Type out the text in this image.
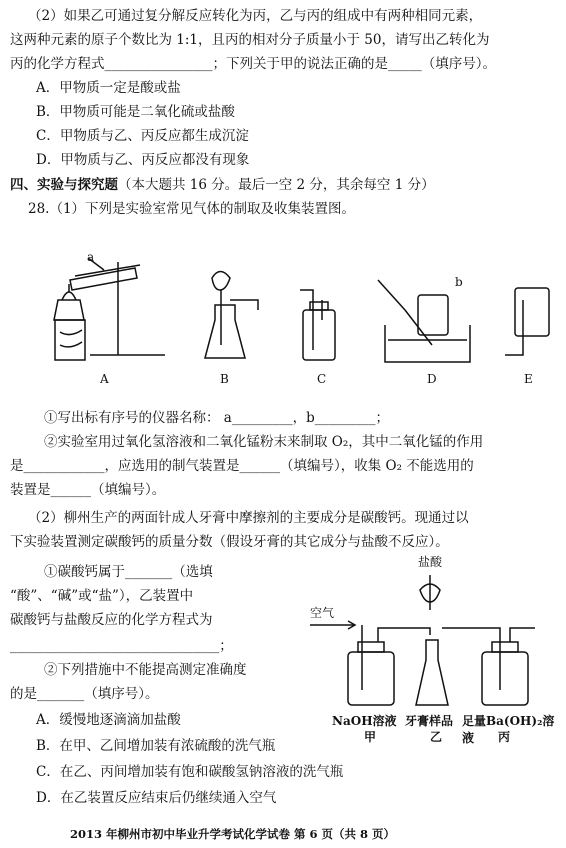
（2）如果乙可通过复分解反应转化为丙，乙与丙的组成中有两种相同元素，
这两种元素的原子个数比为 1:1，且丙的相对分子质量小于 50，请写出乙转化为
丙的化学方程式________________；下列关于甲的说法正确的是_____（填序号）。
A．甲物质一定是酸或盐
B．甲物质可能是二氧化硫或盐酸
C．甲物质与乙、丙反应都生成沉淀
D．甲物质与乙、丙反应都没有现象
四、实验与探究题（本大题共 16 分。最后一空 2 分，其余每空 1 分）
28.（1）下列是实验室常见气体的制取及收集装置图。
a
b
A	B	C	D	E
①写出标有序号的仪器名称： a_________，b_________；
②实验室用过氧化氢溶液和二氧化锰粉末来制取 O₂，其中二氧化锰的作用
是____________，应选用的制气装置是______（填编号），收集 O₂ 不能选用的
装置是______（填编号）。
（2）柳州生产的两面针成人牙膏中摩擦剂的主要成分是碳酸钙。现通过以
下实验装置测定碳酸钙的质量分数（假设牙膏的其它成分与盐酸不反应）。
①碳酸钙属于_______（选填
“酸”、“碱”或“盐”），乙装置中
碳酸钙与盐酸反应的化学方程式为
_______________________________；
②下列措施中不能提高测定准确度
的是_______（填序号）。
盐酸
空气
NaOH溶液 牙膏样品 足量Ba(OH)₂溶液
甲	乙	丙
A．缓慢地逐滴滴加盐酸
B．在甲、乙间增加装有浓硫酸的洗气瓶
C．在乙、丙间增加装有饱和碳酸氢钠溶液的洗气瓶
D．在乙装置反应结束后仍继续通入空气
2013 年柳州市初中毕业升学考试化学试卷 第 6 页（共 8 页）
